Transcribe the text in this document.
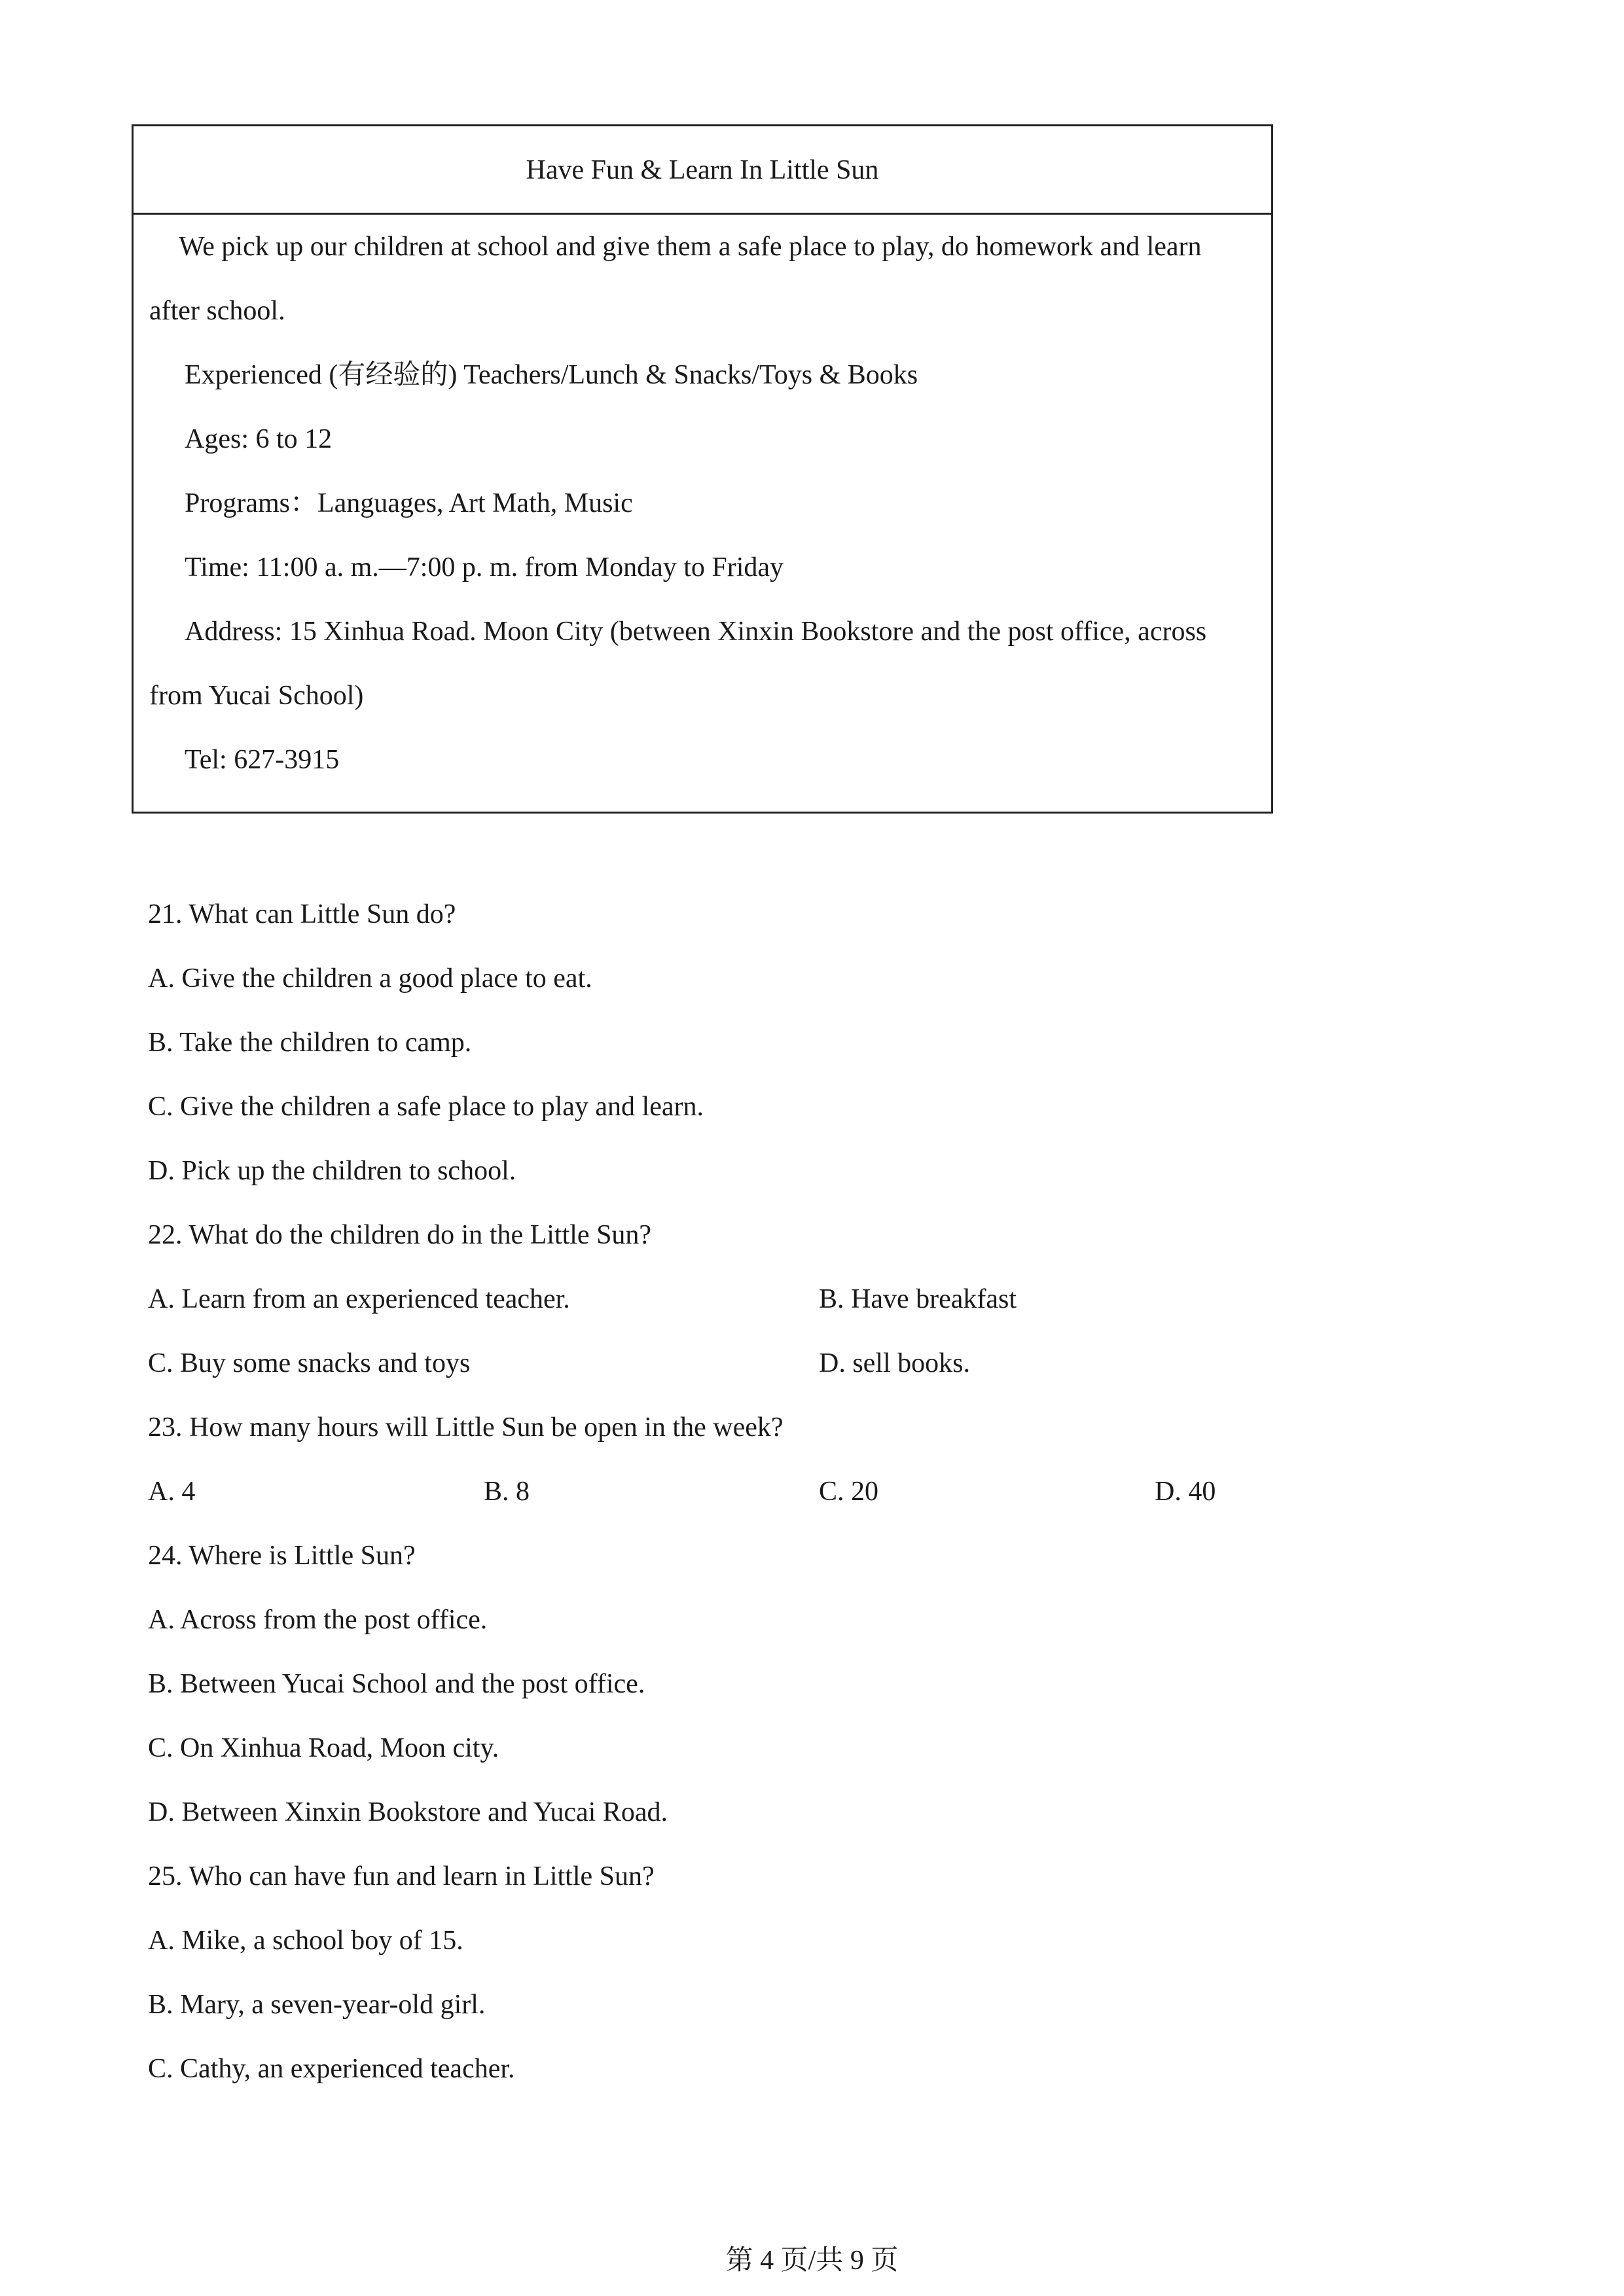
Have Fun & Learn In Little Sun
We pick up our children at school and give them a safe place to play, do homework and learn
after school.
Experienced (有经验的) Teachers/Lunch & Snacks/Toys & Books
Ages: 6 to 12
Programs：Languages, Art Math, Music
Time: 11:00 a. m.—7:00 p. m. from Monday to Friday
Address: 15 Xinhua Road. Moon City (between Xinxin Bookstore and the post office, across
from Yucai School)
Tel: 627-3915
21. What can Little Sun do?
A. Give the children a good place to eat.
B. Take the children to camp.
C. Give the children a safe place to play and learn.
D. Pick up the children to school.
22. What do the children do in the Little Sun?
A. Learn from an experienced teacher.	B. Have breakfast
C. Buy some snacks and toys	D. sell books.
23. How many hours will Little Sun be open in the week?
A. 4	B. 8	C. 20	D. 40
24. Where is Little Sun?
A. Across from the post office.
B. Between Yucai School and the post office.
C. On Xinhua Road, Moon city.
D. Between Xinxin Bookstore and Yucai Road.
25. Who can have fun and learn in Little Sun?
A. Mike, a school boy of 15.
B. Mary, a seven-year-old girl.
C. Cathy, an experienced teacher.
第 4 页/共 9 页
